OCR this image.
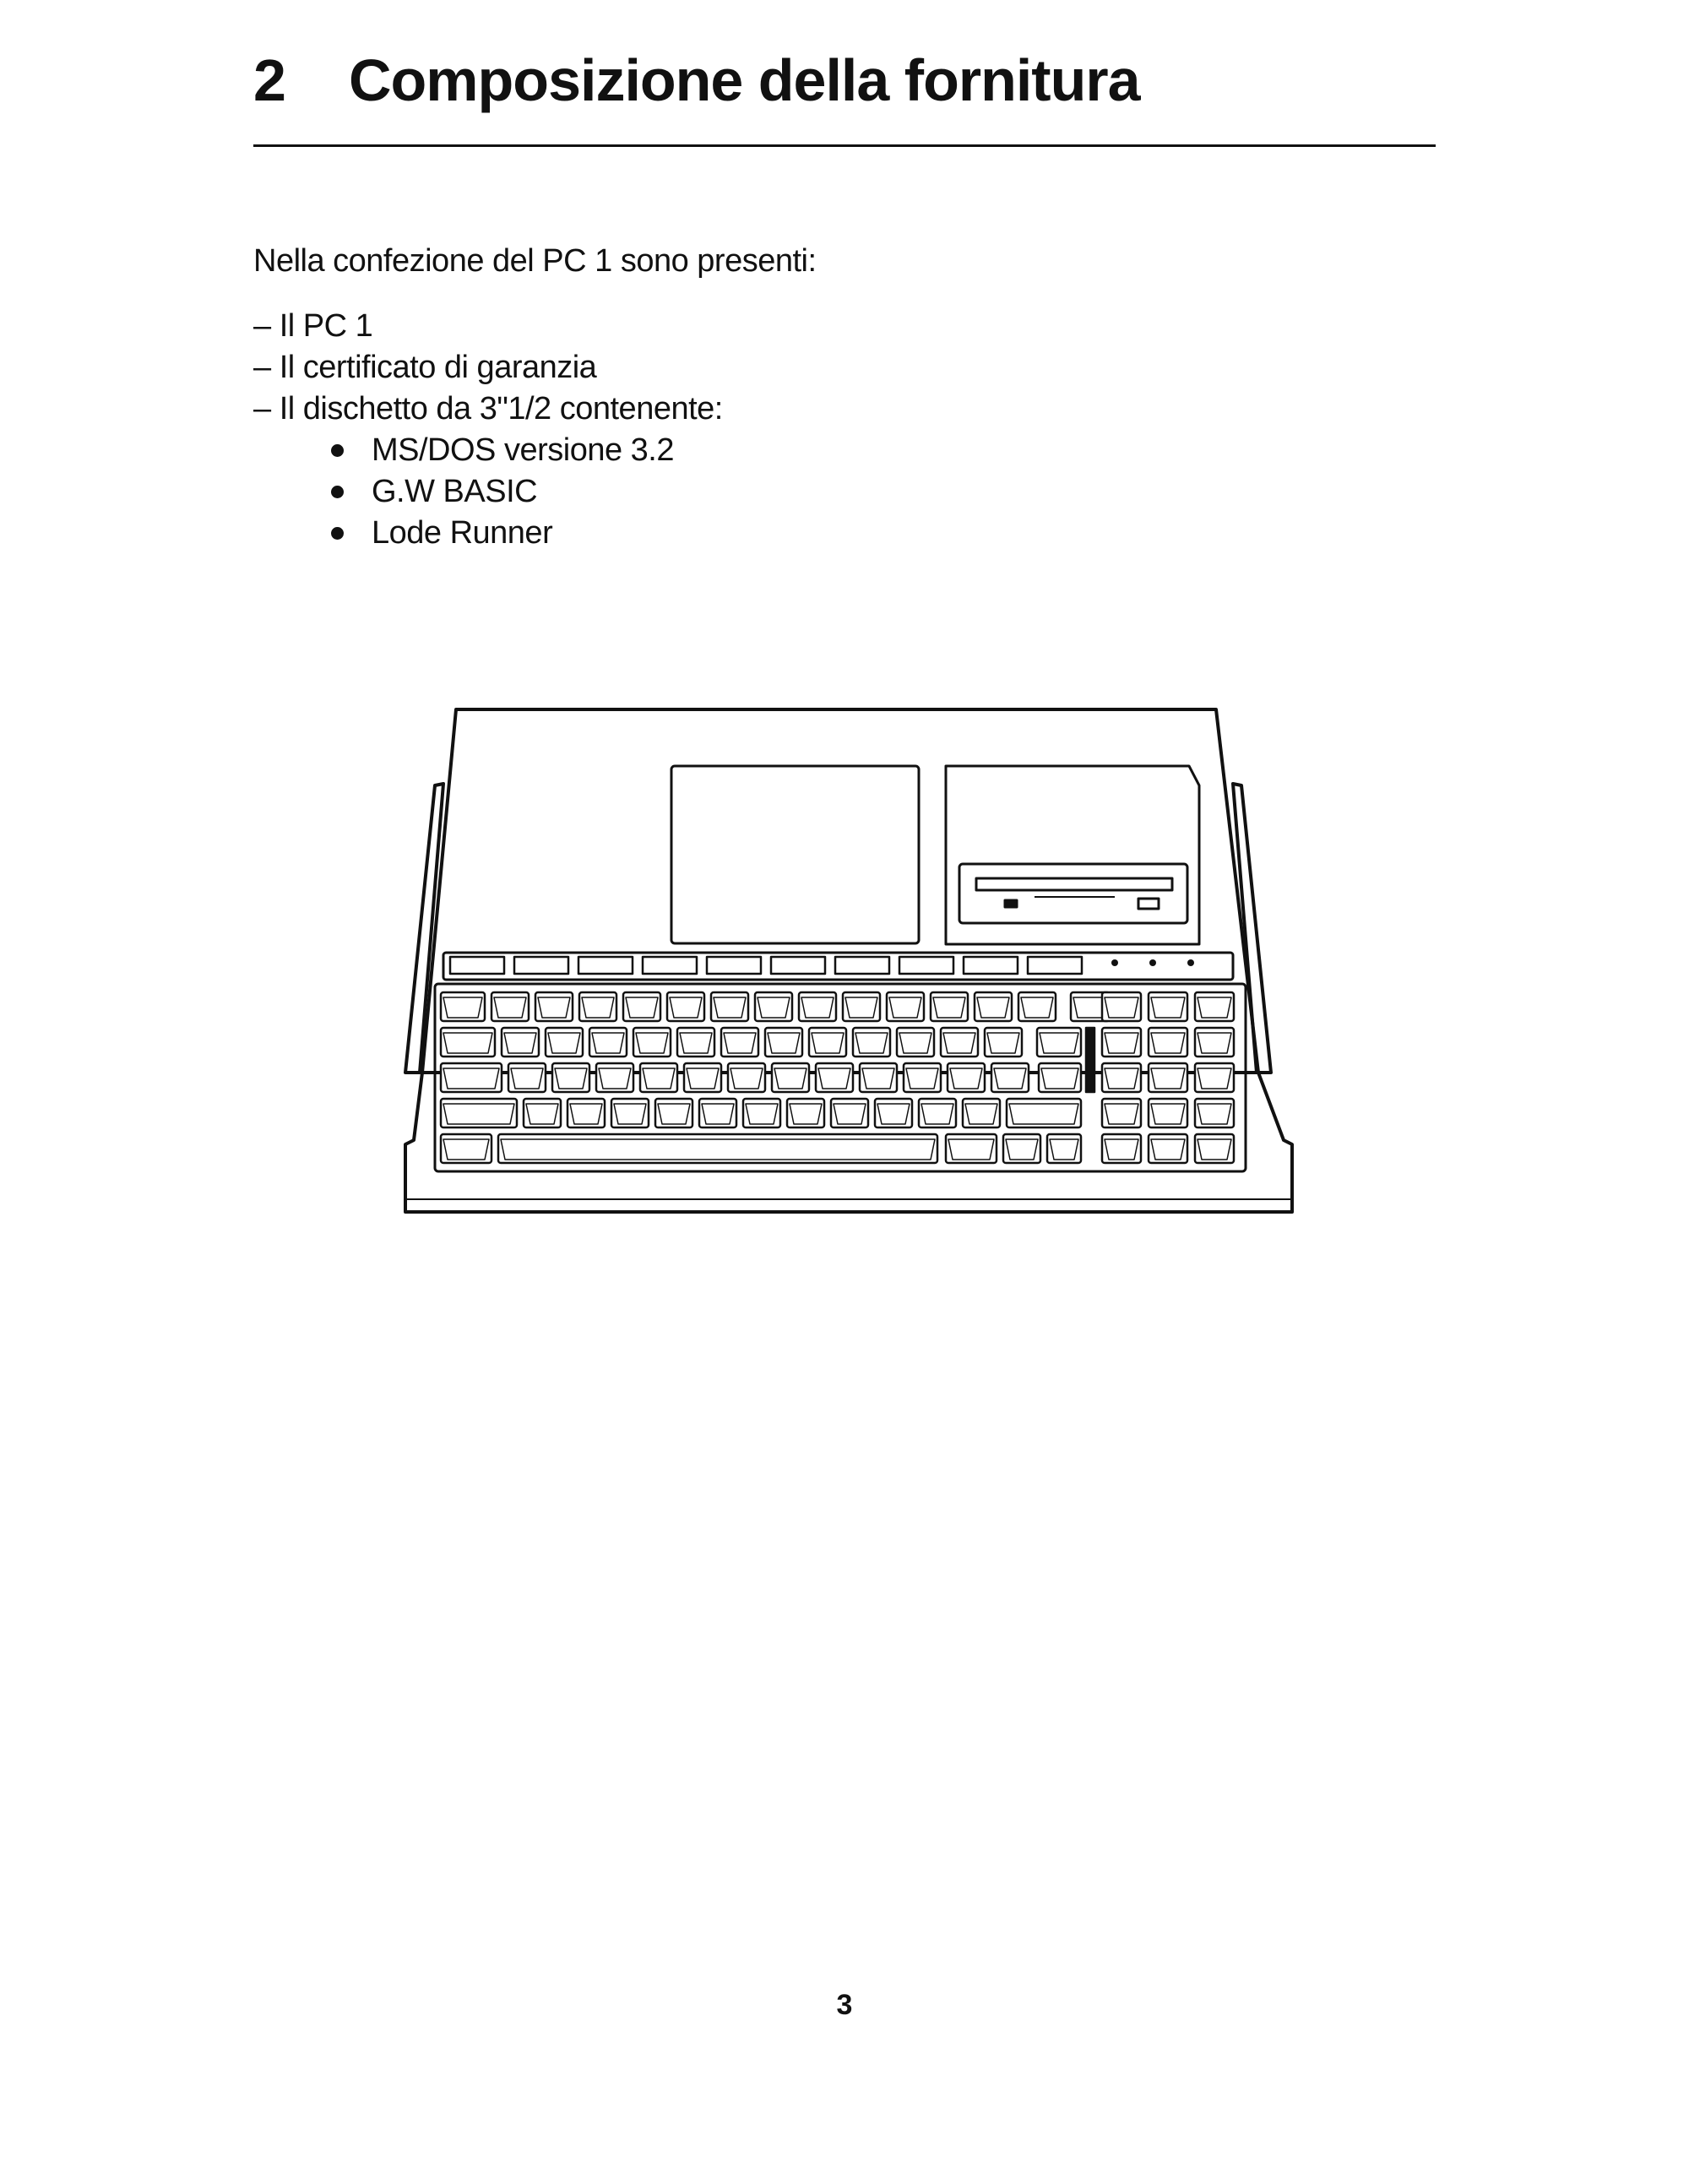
2 Composizione della fornitura
Nella confezione del PC 1 sono presenti:
– Il PC 1
– Il certificato di garanzia
– Il dischetto da 3"1/2 contenente:
MS/DOS versione 3.2
G.W BASIC
Lode Runner
3
